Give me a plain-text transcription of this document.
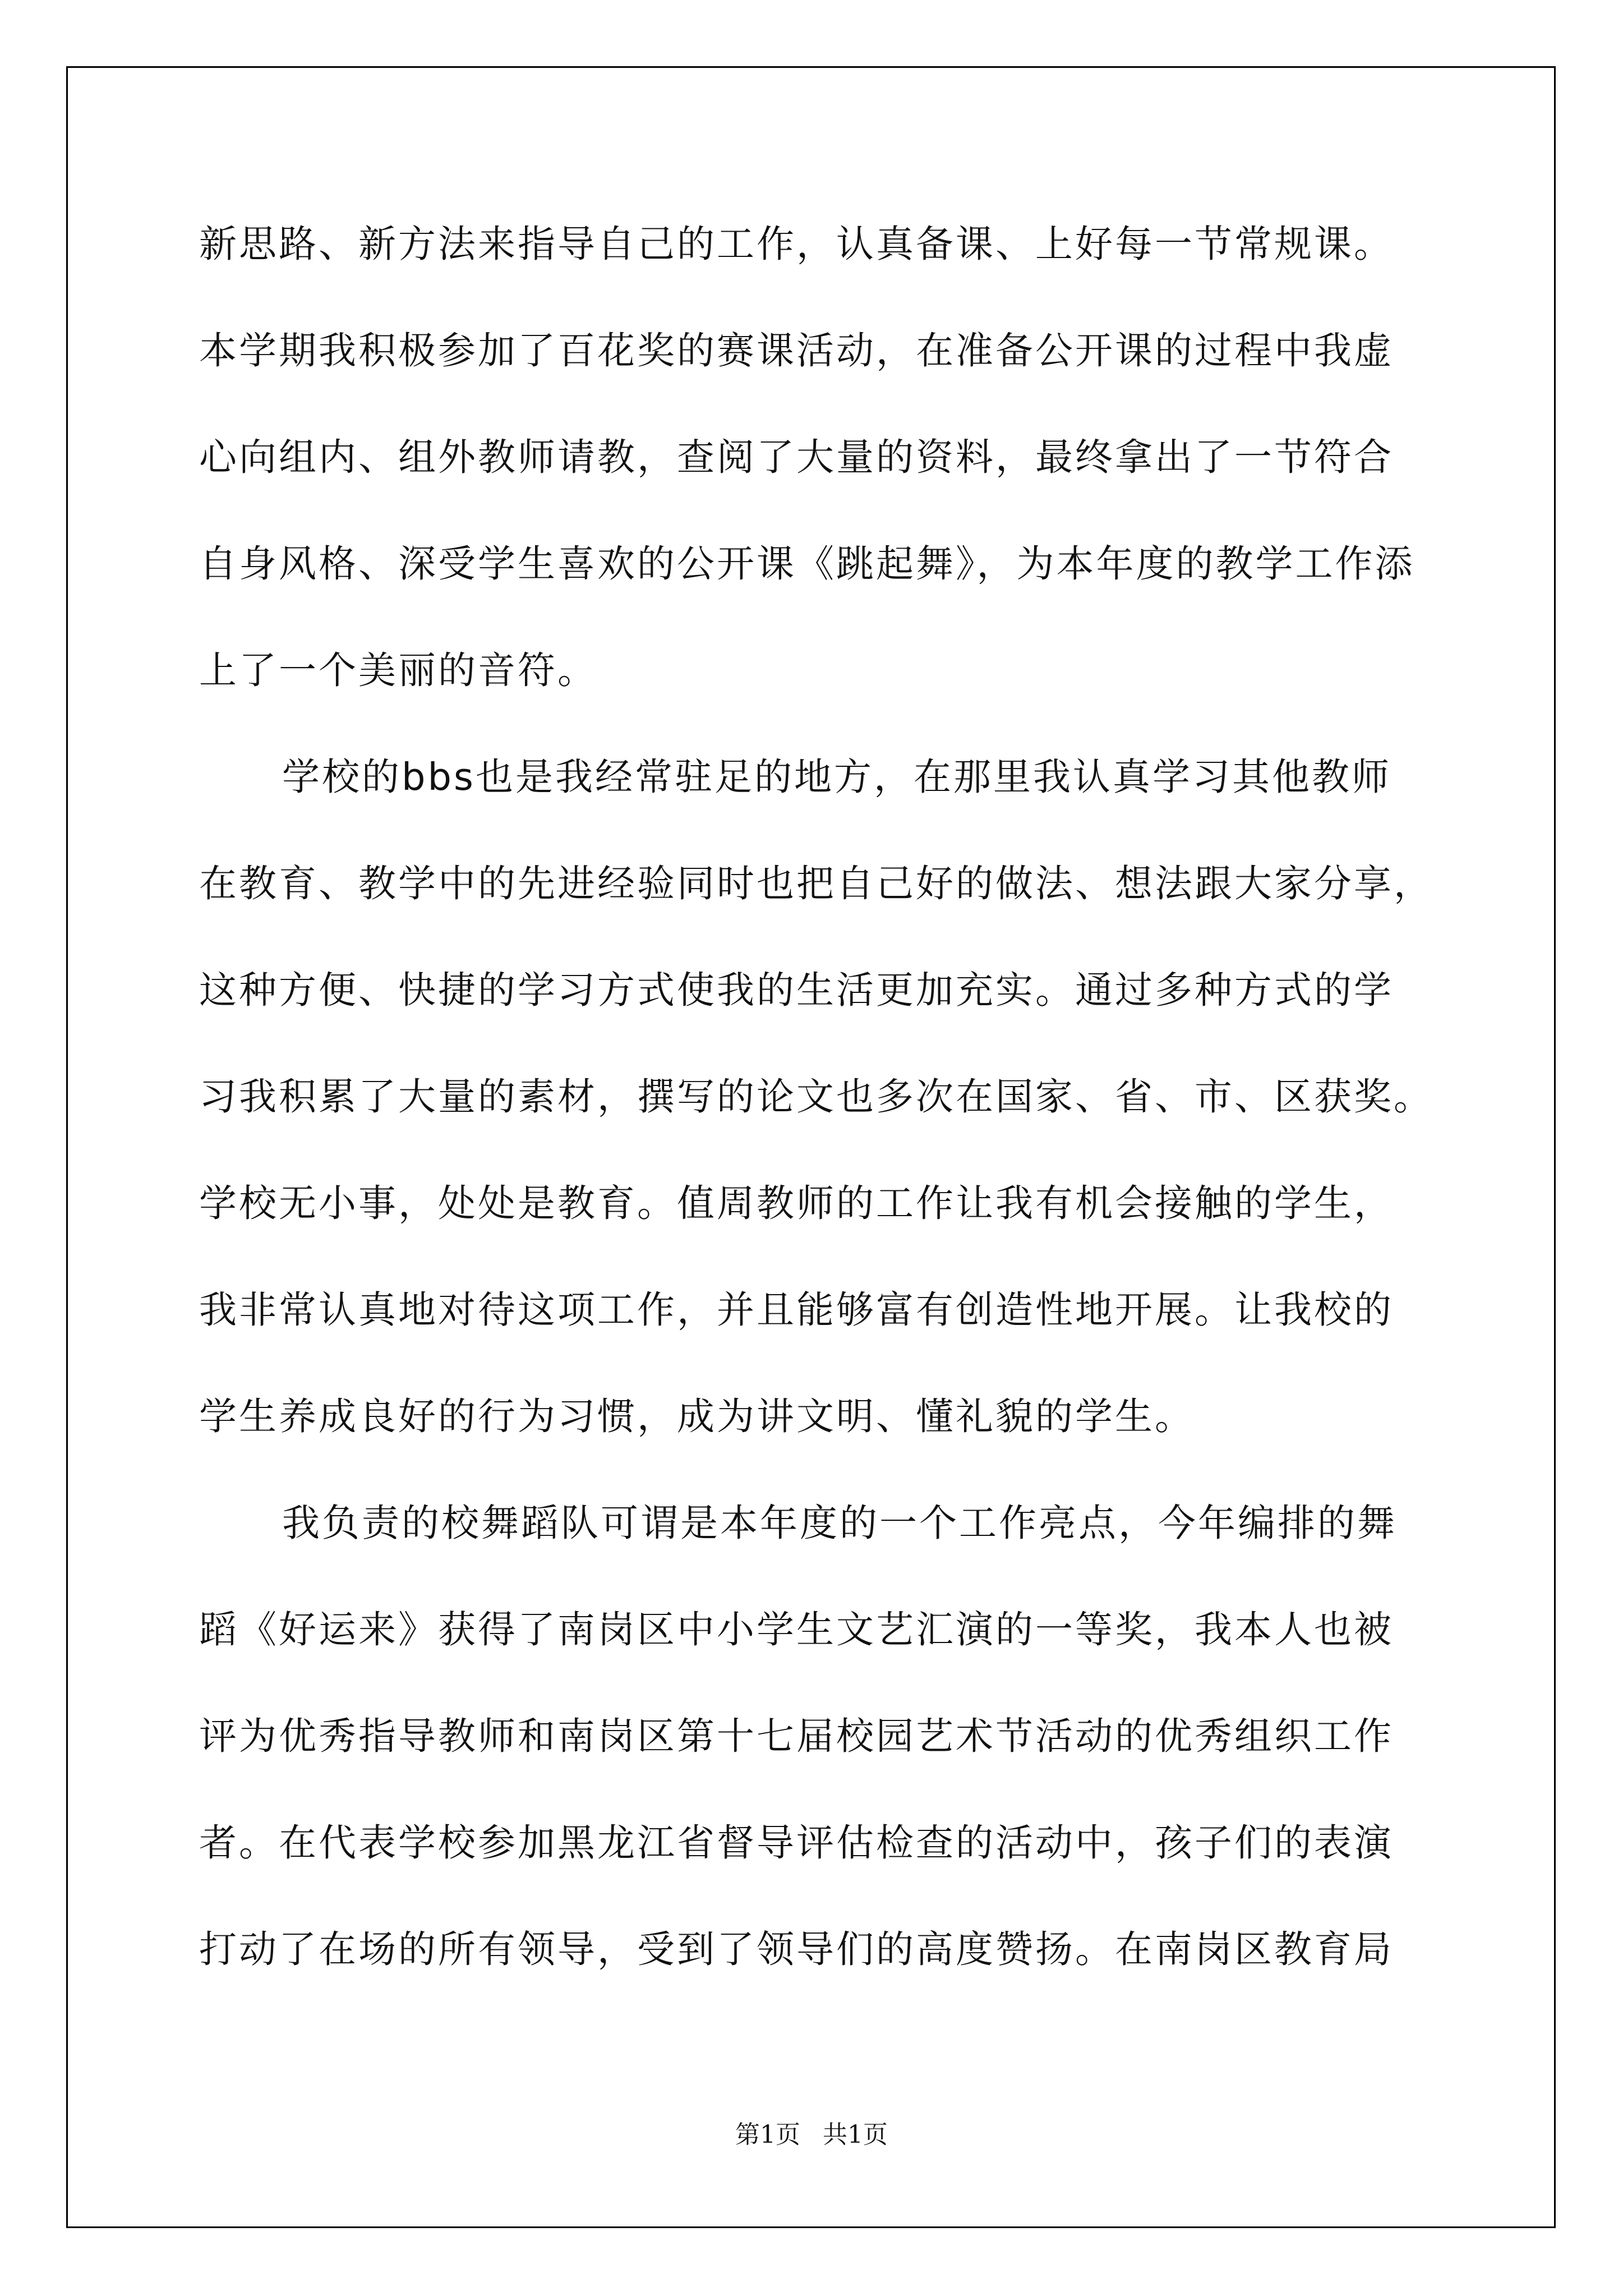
新思路、新方法来指导自己的工作，认真备课、上好每一节常规课。
本学期我积极参加了百花奖的赛课活动，在准备公开课的过程中我虚
心向组内、组外教师请教，查阅了大量的资料，最终拿出了一节符合
自身风格、深受学生喜欢的公开课《跳起舞》，为本年度的教学工作添
上了一个美丽的音符。
学校的bbs也是我经常驻足的地方，在那里我认真学习其他教师
在教育、教学中的先进经验同时也把自己好的做法、想法跟大家分享，
这种方便、快捷的学习方式使我的生活更加充实。通过多种方式的学
习我积累了大量的素材，撰写的论文也多次在国家、省、市、区获奖。
学校无小事，处处是教育。值周教师的工作让我有机会接触的学生，
我非常认真地对待这项工作，并且能够富有创造性地开展。让我校的
学生养成良好的行为习惯，成为讲文明、懂礼貌的学生。
我负责的校舞蹈队可谓是本年度的一个工作亮点，今年编排的舞
蹈《好运来》获得了南岗区中小学生文艺汇演的一等奖，我本人也被
评为优秀指导教师和南岗区第十七届校园艺术节活动的优秀组织工作
者。在代表学校参加黑龙江省督导评估检查的活动中，孩子们的表演
打动了在场的所有领导，受到了领导们的高度赞扬。在南岗区教育局
第1页 共1页
